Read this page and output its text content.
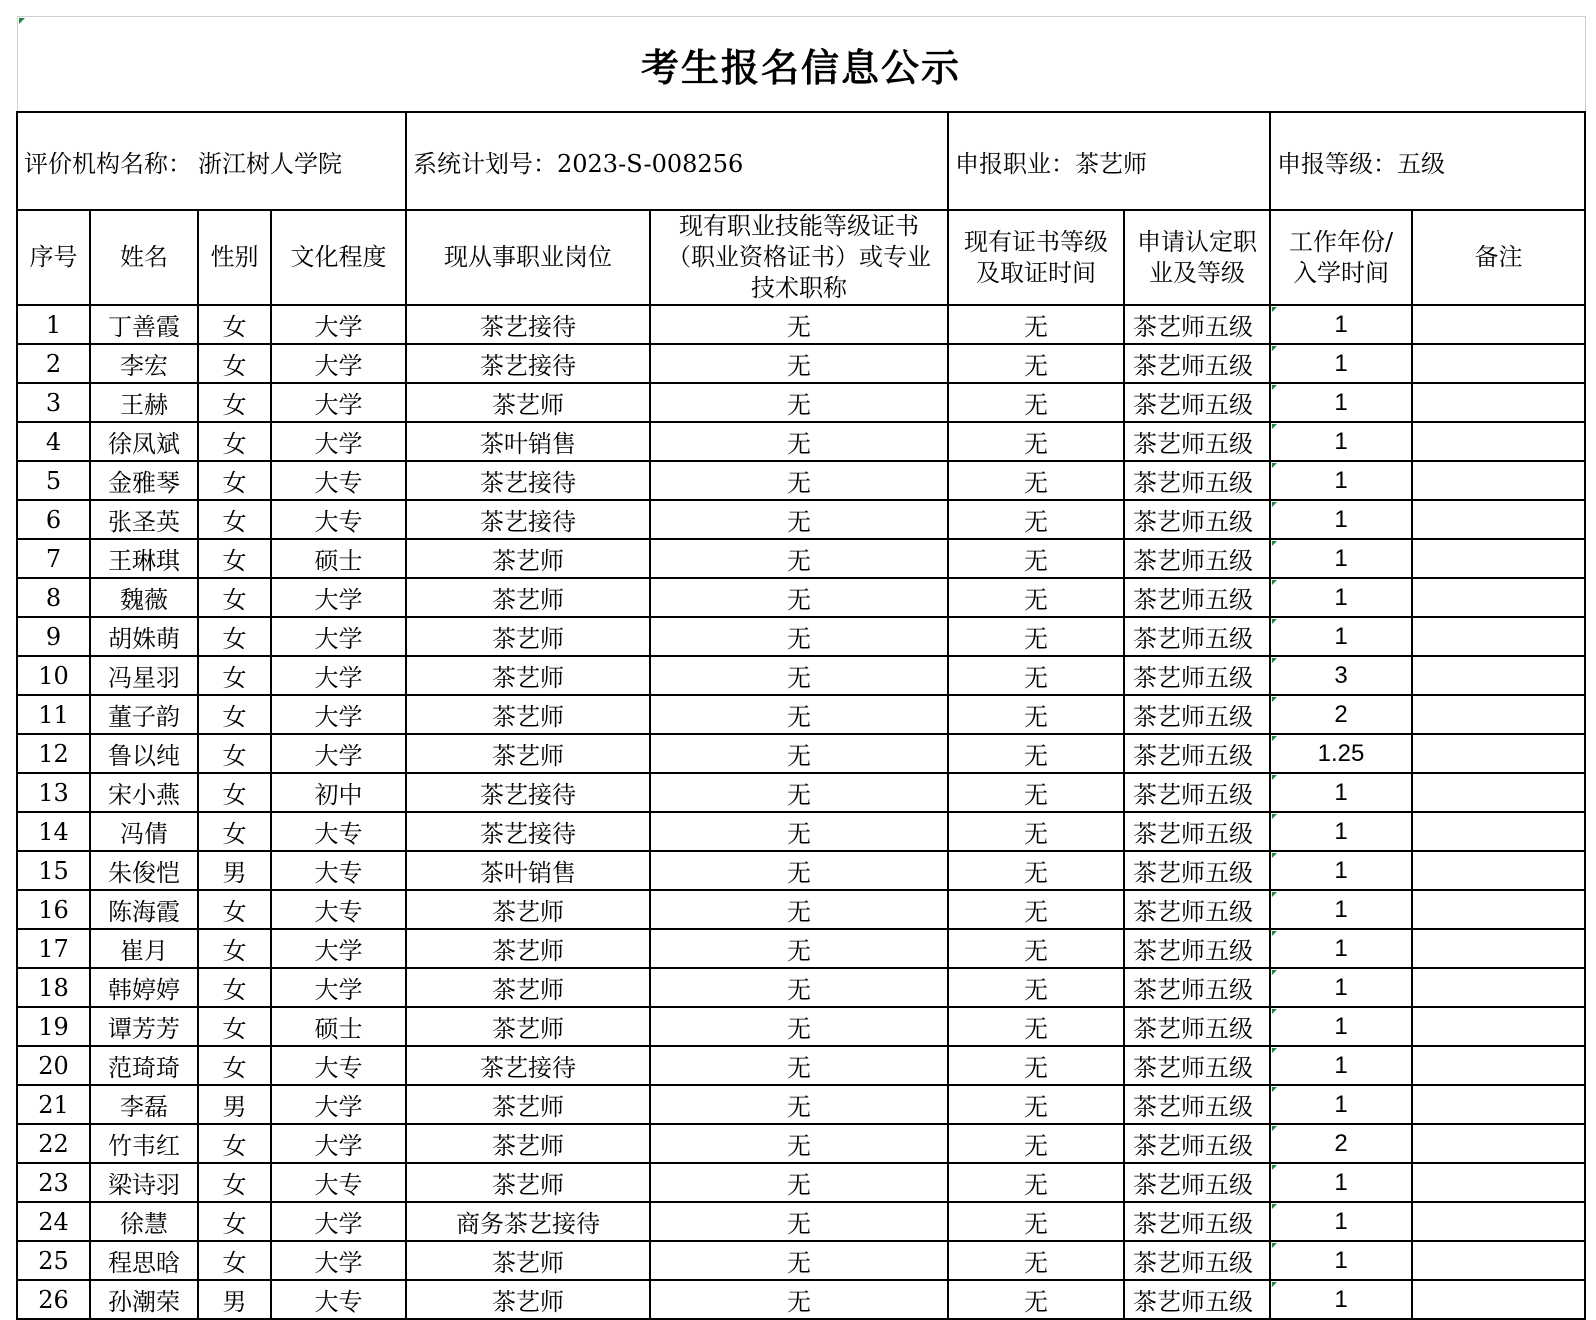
考生报名信息公示									
评价机构名称： 浙江树人学院				系统计划号：2023-S-008256		申报职业：茶艺师		申报等级：五级	
序号	姓名	性别	文化程度	现从事职业岗位	现有职业技能等级证书（职业资格证书）或专业技术职称	现有证书等级及取证时间	申请认定职业及等级	工作年份/入学时间	备注
1	丁善霞	女	大学	茶艺接待	无	无	茶艺师五级	1	
2	李宏	女	大学	茶艺接待	无	无	茶艺师五级	1	
3	王赫	女	大学	茶艺师	无	无	茶艺师五级	1	
4	徐凤斌	女	大学	茶叶销售	无	无	茶艺师五级	1	
5	金雅琴	女	大专	茶艺接待	无	无	茶艺师五级	1	
6	张圣英	女	大专	茶艺接待	无	无	茶艺师五级	1	
7	王琳琪	女	硕士	茶艺师	无	无	茶艺师五级	1	
8	魏薇	女	大学	茶艺师	无	无	茶艺师五级	1	
9	胡姝萌	女	大学	茶艺师	无	无	茶艺师五级	1	
10	冯星羽	女	大学	茶艺师	无	无	茶艺师五级	3	
11	董子韵	女	大学	茶艺师	无	无	茶艺师五级	2	
12	鲁以纯	女	大学	茶艺师	无	无	茶艺师五级	1.25	
13	宋小燕	女	初中	茶艺接待	无	无	茶艺师五级	1	
14	冯倩	女	大专	茶艺接待	无	无	茶艺师五级	1	
15	朱俊恺	男	大专	茶叶销售	无	无	茶艺师五级	1	
16	陈海霞	女	大专	茶艺师	无	无	茶艺师五级	1	
17	崔月	女	大学	茶艺师	无	无	茶艺师五级	1	
18	韩婷婷	女	大学	茶艺师	无	无	茶艺师五级	1	
19	谭芳芳	女	硕士	茶艺师	无	无	茶艺师五级	1	
20	范琦琦	女	大专	茶艺接待	无	无	茶艺师五级	1	
21	李磊	男	大学	茶艺师	无	无	茶艺师五级	1	
22	竹韦红	女	大学	茶艺师	无	无	茶艺师五级	2	
23	梁诗羽	女	大专	茶艺师	无	无	茶艺师五级	1	
24	徐慧	女	大学	商务茶艺接待	无	无	茶艺师五级	1	
25	程思晗	女	大学	茶艺师	无	无	茶艺师五级	1	
26	孙潮荣	男	大专	茶艺师	无	无	茶艺师五级	1	
